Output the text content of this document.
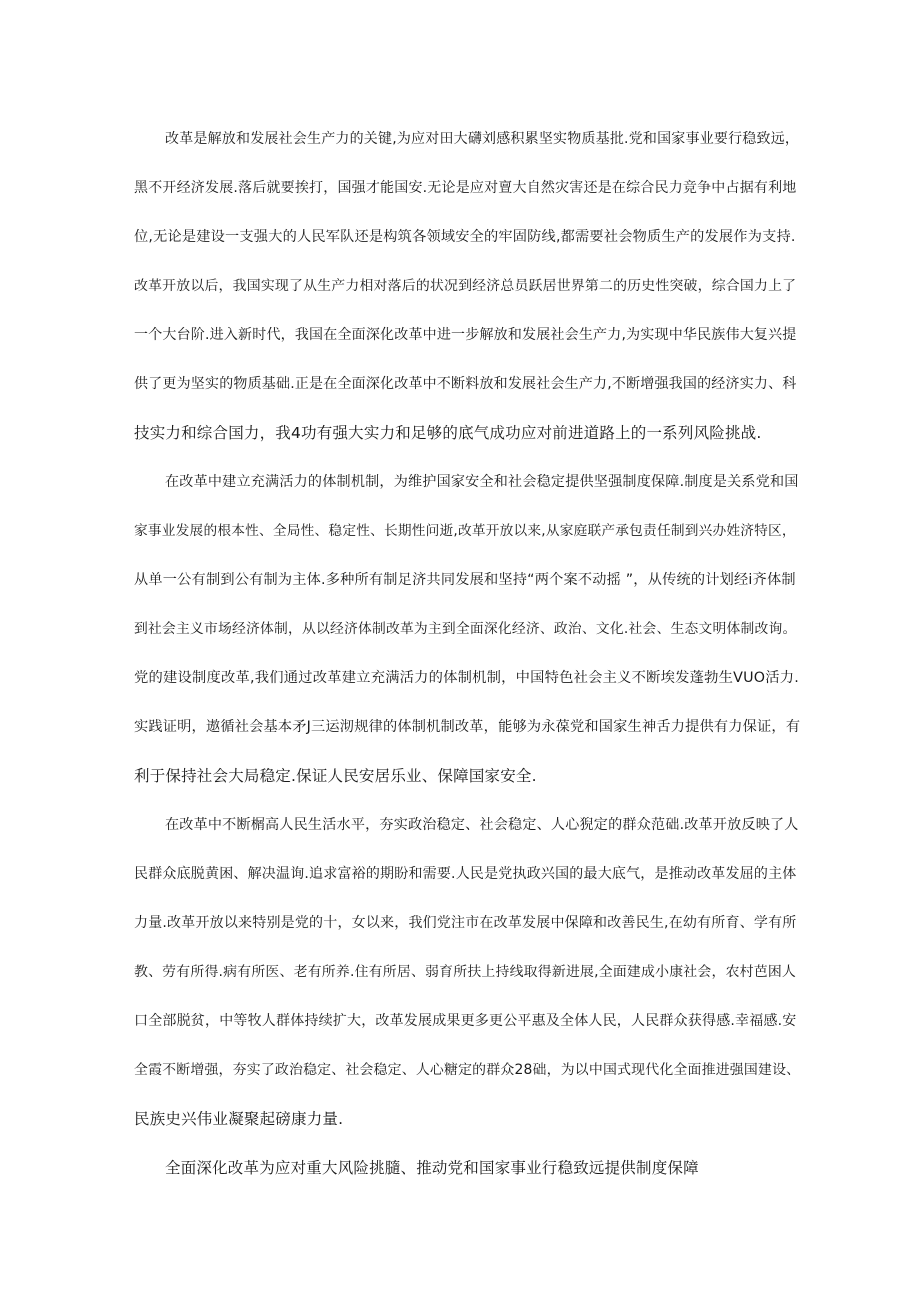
改革是解放和发展社会生产力的关键,为应对田大礴刘感积累坚实物质基批.党和国家事业要行稳致远，

黑不开经济发展.落后就要挨打，国强才能国安.无论是应对亶大自然灾害还是在综合民力竞争中占据有利地

位,无论是建设一支强大的人民军队还是构筑各领域安全的牢固防线,都需要社会物质生产的发展作为支持.

改革开放以后，我国实现了从生产力相对落后的状况到经济总员跃居世界第二的历史性突破，综合国力上了

一个大台阶.进入新时代，我国在全面深化改革中进一步解放和发展社会生产力,为实现中华民族伟大复兴提

供了更为坚实的物质基础.正是在全面深化改革中不断料放和发展社会生产力,不断增强我国的经济实力、科

技实力和综合国力，我4功有强大实力和足够的底气成功应对前进道路上的一系列风险挑战.

在改革中建立充满活力的体制机制，为维护国家安全和社会稳定提供坚强制度保障.制度是关系党和国

家事业发展的根本性、全局性、稳定性、长期性问逝,改革开放以来,从家庭联产承包责任制到兴办姓济特区，

从单一公有制到公有制为主体.多种所有制足济共同发展和坚持“两个案不动摇 ”，从传统的计划经i齐体制

到社会主义市场经济体制，从以经济体制改革为主到全面深化经济、政治、文化.社会、生态文明体制改询。

党的建设制度改革,我们通过改革建立充满活力的体制机制，中国特色社会主义不断埃发蓬勃生VUO活力.

实践证明，遨循社会基本矛J三运沏规律的体制机制改革，能够为永葆党和国家生神舌力提供有力保证，有

利于保持社会大局稳定.保证人民安居乐业、保障国家安全.

在改革中不断榍高人民生活水平，夯实政治稳定、社会稳定、人心猊定的群众范础.改革开放反映了人

民群众底脱黄困、解决温询.追求富裕的期盼和需要.人民是党执政兴国的最大底气，是推动改革发屈的主体

力量.改革开放以来特别是党的十，女以来，我们党注市在改革发展中保障和改善民生,在幼有所育、学有所

教、劳有所得.病有所医、老有所养.住有所居、弱育所扶上持线取得新进展,全面建成小康社会，农村芭困人

口全部脱贫，中等牧人群体持续扩大，改革发展成果更多更公平惠及全体人民，人民群众获得感.幸福感.安

全霞不断增强，夯实了政治稳定、社会稳定、人心糖定的群众28础，为以中国式现代化全面推进强国建设、

民族史兴伟业凝聚起磅康力量.

全面深化改革为应对重大风险挑膸、推动党和国家事业行稳致远提供制度保障
